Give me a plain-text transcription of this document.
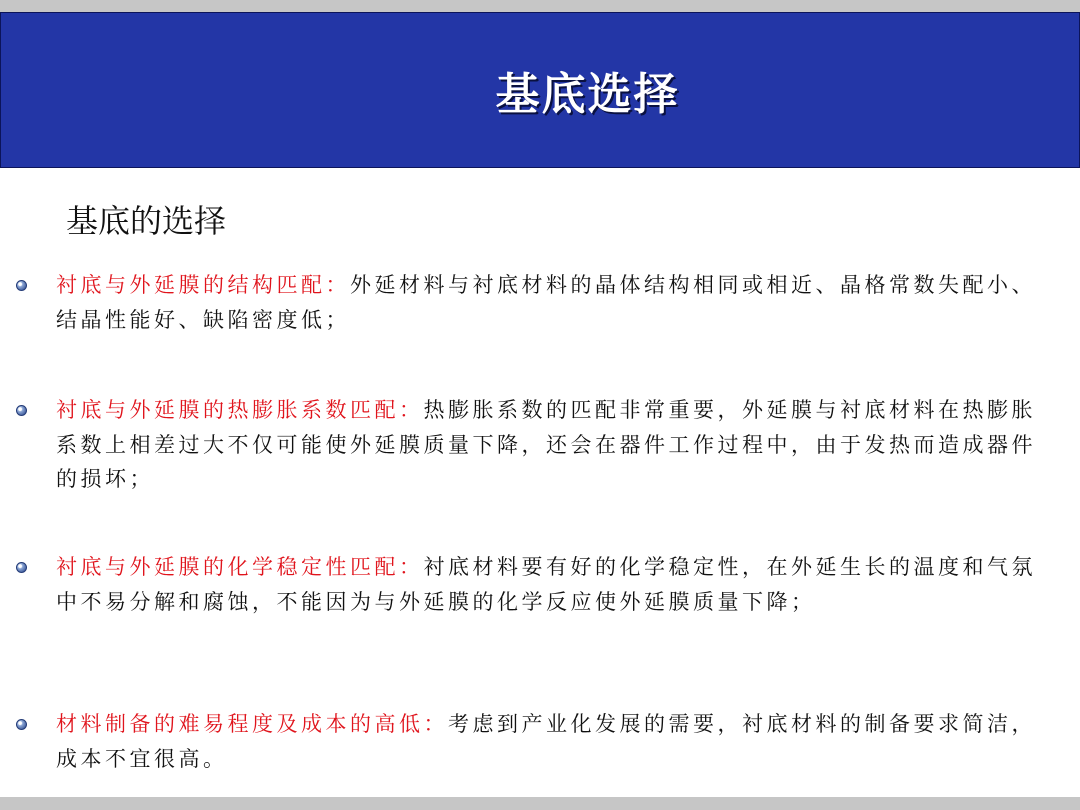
基底选择
基底的选择
衬底与外延膜的结构匹配：外延材料与衬底材料的晶体结构相同或相近、晶格常数失配小、结晶性能好、缺陷密度低；
衬底与外延膜的热膨胀系数匹配：热膨胀系数的匹配非常重要，外延膜与衬底材料在热膨胀系数上相差过大不仅可能使外延膜质量下降，还会在器件工作过程中，由于发热而造成器件的损坏；
衬底与外延膜的化学稳定性匹配：衬底材料要有好的化学稳定性，在外延生长的温度和气氛中不易分解和腐蚀，不能因为与外延膜的化学反应使外延膜质量下降；
材料制备的难易程度及成本的高低：考虑到产业化发展的需要，衬底材料的制备要求简洁，成本不宜很高。
